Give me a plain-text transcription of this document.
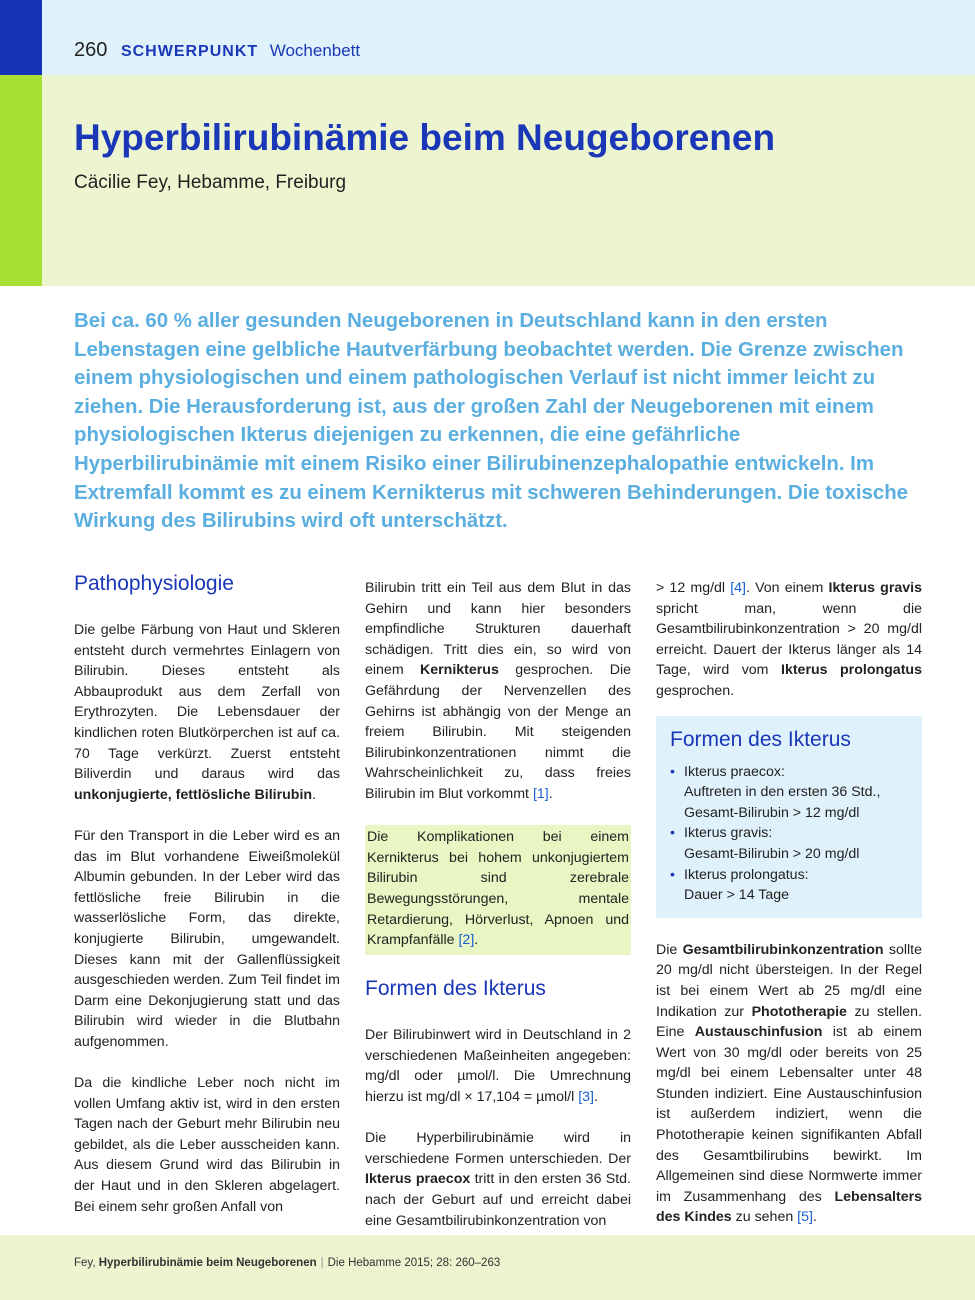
260 SCHWERPUNKT Wochenbett
Hyperbilirubinämie beim Neugeborenen
Cäcilie Fey, Hebamme, Freiburg

Bei ca. 60 % aller gesunden Neugeborenen in Deutschland kann in den ersten Lebenstagen eine gelbliche Hautverfärbung beobachtet werden. Die Grenze zwischen einem physiologischen und einem pathologischen Verlauf ist nicht immer leicht zu ziehen. Die Herausforderung ist, aus der großen Zahl der Neugeborenen mit einem physiologischen Ikterus diejenigen zu erkennen, die eine gefährliche Hyperbilirubinämie mit einem Risiko einer Bilirubinenzephalopathie entwickeln. Im Extremfall kommt es zu einem Kernikterus mit schweren Behinderungen. Die toxische Wirkung des Bilirubins wird oft unterschätzt.

Pathophysiologie

Die gelbe Färbung von Haut und Skleren entsteht durch vermehrtes Einlagern von Bilirubin. Dieses entsteht als Abbauprodukt aus dem Zerfall von Erythrozyten. Die Lebensdauer der kindlichen roten Blutkörperchen ist auf ca. 70 Tage verkürzt. Zuerst entsteht Biliverdin und daraus wird das unkonjugierte, fettlösliche Bilirubin.

Für den Transport in die Leber wird es an das im Blut vorhandene Eiweißmolekül Albumin gebunden. In der Leber wird das fettlösliche freie Bilirubin in die wasserlösliche Form, das direkte, konjugierte Bilirubin, umgewandelt. Dieses kann mit der Gallenflüssigkeit ausgeschieden werden. Zum Teil findet im Darm eine Dekonjugierung statt und das Bilirubin wird wieder in die Blutbahn aufgenommen.

Da die kindliche Leber noch nicht im vollen Umfang aktiv ist, wird in den ersten Tagen nach der Geburt mehr Bilirubin neu gebildet, als die Leber ausscheiden kann. Aus diesem Grund wird das Bilirubin in der Haut und in den Skleren abgelagert. Bei einem sehr großen Anfall von

Bilirubin tritt ein Teil aus dem Blut in das Gehirn und kann hier besonders empfindliche Strukturen dauerhaft schädigen. Tritt dies ein, so wird von einem Kernikterus gesprochen. Die Gefährdung der Nervenzellen des Gehirns ist abhängig von der Menge an freiem Bilirubin. Mit steigenden Bilirubinkonzentrationen nimmt die Wahrscheinlichkeit zu, dass freies Bilirubin im Blut vorkommt [1].

Die Komplikationen bei einem Kernikterus bei hohem unkonjugiertem Bilirubin sind zerebrale Bewegungsstörungen, mentale Retardierung, Hörverlust, Apnoen und Krampfanfälle [2].

Formen des Ikterus

Der Bilirubinwert wird in Deutschland in 2 verschiedenen Maßeinheiten angegeben: mg/dl oder µmol/l. Die Umrechnung hierzu ist mg/dl × 17,104 = µmol/l [3].

Die Hyperbilirubinämie wird in verschiedene Formen unterschieden. Der Ikterus praecox tritt in den ersten 36 Std. nach der Geburt auf und erreicht dabei eine Gesamtbilirubinkonzentration von

> 12 mg/dl [4]. Von einem Ikterus gravis spricht man, wenn die Gesamtbilirubinkonzentration > 20 mg/dl erreicht. Dauert der Ikterus länger als 14 Tage, wird vom Ikterus prolongatus gesprochen.

Formen des Ikterus
• Ikterus praecox:
Auftreten in den ersten 36 Std.,
Gesamt-Bilirubin > 12 mg/dl
• Ikterus gravis:
Gesamt-Bilirubin > 20 mg/dl
• Ikterus prolongatus:
Dauer > 14 Tage

Die Gesamtbilirubinkonzentration sollte 20 mg/dl nicht übersteigen. In der Regel ist bei einem Wert ab 25 mg/dl eine Indikation zur Phototherapie zu stellen. Eine Austauschinfusion ist ab einem Wert von 30 mg/dl oder bereits von 25 mg/dl bei einem Lebensalter unter 48 Stunden indiziert. Eine Austauschinfusion ist außerdem indiziert, wenn die Phototherapie keinen signifikanten Abfall des Gesamtbilirubins bewirkt. Im Allgemeinen sind diese Normwerte immer im Zusammenhang des Lebensalters des Kindes zu sehen [5].

Fey, Hyperbilirubinämie beim Neugeborenen | Die Hebamme 2015; 28: 260–263
